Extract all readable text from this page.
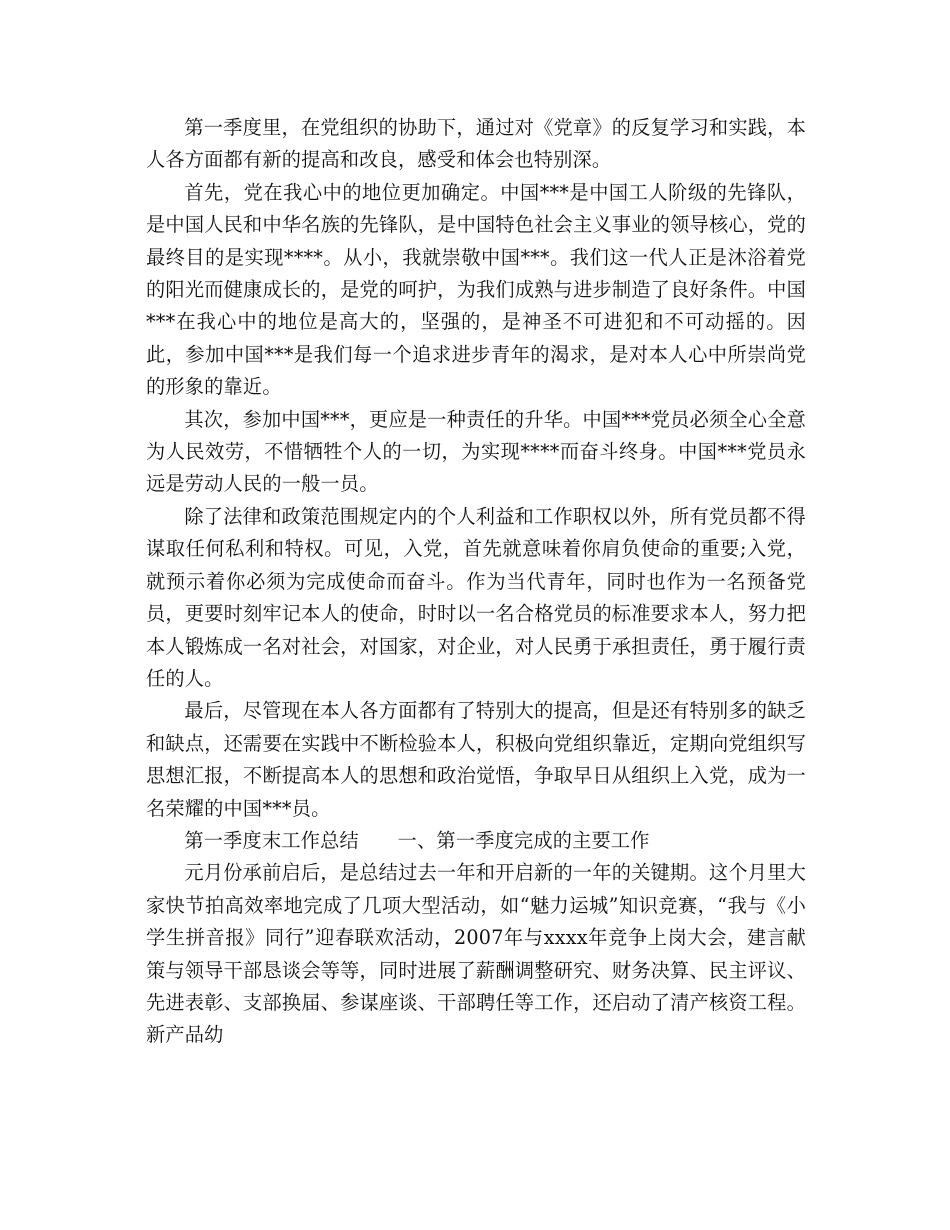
第一季度里，在党组织的协助下，通过对《党章》的反复学习和实践，本人各方面都有新的提高和改良，感受和体会也特别深。

首先，党在我心中的地位更加确定。中国***是中国工人阶级的先锋队，是中国人民和中华名族的先锋队，是中国特色社会主义事业的领导核心，党的最终目的是实现****。从小，我就崇敬中国***。我们这一代人正是沐浴着党的阳光而健康成长的，是党的呵护，为我们成熟与进步制造了良好条件。中国***在我心中的地位是高大的，坚强的，是神圣不可进犯和不可动摇的。因此，参加中国***是我们每一个追求进步青年的渴求，是对本人心中所崇尚党的形象的靠近。

其次，参加中国***，更应是一种责任的升华。中国***党员必须全心全意为人民效劳，不惜牺牲个人的一切，为实现****而奋斗终身。中国***党员永远是劳动人民的一般一员。

除了法律和政策范围规定内的个人利益和工作职权以外，所有党员都不得谋取任何私利和特权。可见，入党，首先就意味着你肩负使命的重要;入党，就预示着你必须为完成使命而奋斗。作为当代青年，同时也作为一名预备党员，更要时刻牢记本人的使命，时时以一名合格党员的标准要求本人，努力把本人锻炼成一名对社会，对国家，对企业，对人民勇于承担责任，勇于履行责任的人。

最后，尽管现在本人各方面都有了特别大的提高，但是还有特别多的缺乏和缺点，还需要在实践中不断检验本人，积极向党组织靠近，定期向党组织写思想汇报，不断提高本人的思想和政治觉悟，争取早日从组织上入党，成为一名荣耀的中国***员。

第一季度末工作总结　　一、第一季度完成的主要工作

元月份承前启后，是总结过去一年和开启新的一年的关键期。这个月里大家快节拍高效率地完成了几项大型活动，如“魅力运城”知识竞赛，“我与《小学生拼音报》同行”迎春联欢活动，2007年与xxxx年竞争上岗大会，建言献策与领导干部恳谈会等等，同时进展了薪酬调整研究、财务决算、民主评议、先进表彰、支部换届、参谋座谈、干部聘任等工作，还启动了清产核资工程。新产品幼
